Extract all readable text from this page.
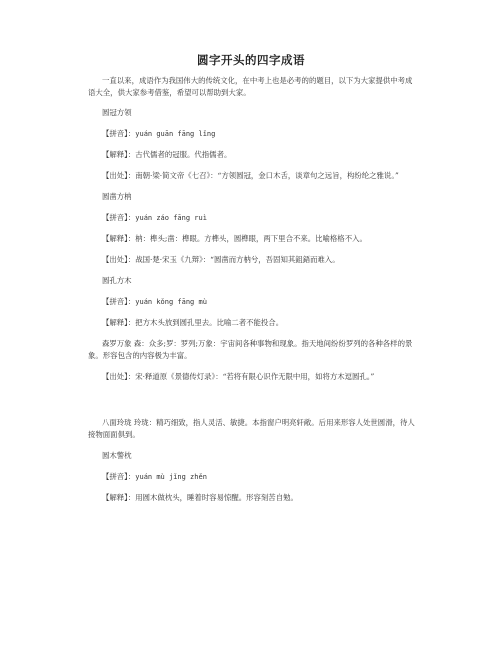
圆字开头的四字成语

一直以来，成语作为我国伟大的传统文化，在中考上也是必考的的题目，以下为大家提供中考成语大全，供大家参考借鉴，希望可以帮助到大家。

圆冠方领

【拼音】：yuán guān fāng lǐng

【解释】：古代儒者的冠服。代指儒者。

【出处】：南朝·梁·简文帝《七召》：“方领圆冠，金口木舌，谈章句之远旨，构纷纶之雅说。”

圆凿方枘

【拼音】：yuán záo fāng ruì

【解释】：枘：榫头;凿：榫眼。方榫头，圆榫眼，两下里合不来。比喻格格不入。

【出处】：战国·楚·宋玉《九辩》：“圆凿而方枘兮，吾固知其鉏鋙而难入。

圆孔方木

【拼音】：yuán kǒng fāng mù

【解释】：把方木头放到圆孔里去。比喻二者不能投合。

森罗万象 森：众多;罗：罗列;万象：宇宙间各种事物和现象。指天地间纷纷罗列的各种各样的景象。形容包含的内容极为丰富。

【出处】：宋·释道原《景德传灯录》：“若将有限心识作无限中用，如将方木逗圆孔。”

八面玲珑 玲珑：精巧细致，指人灵活、敏捷。本指窗户明亮轩敞。后用来形容人处世圆滑，待人接物面面俱到。

圆木警枕

【拼音】：yuán mù jǐng zhěn

【解释】：用圆木做枕头，睡着时容易惊醒。形容刻苦自勉。
